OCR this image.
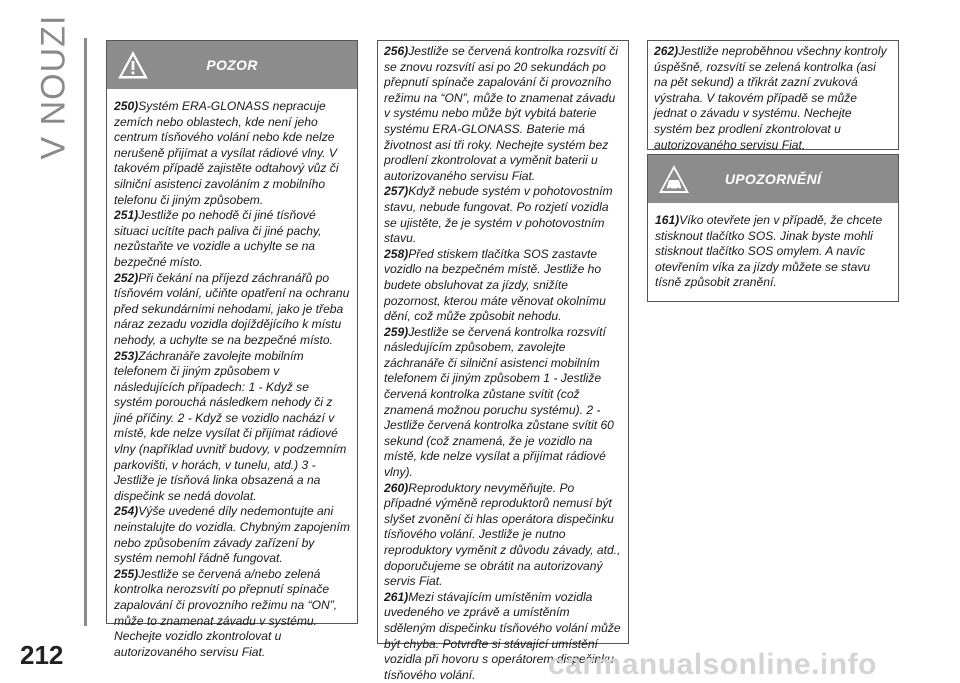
V NOUZI	POZOR

250)Systém ERA-GLONASS nepracuje zemích nebo oblastech, kde není jeho centrum tísňového volání nebo kde nelze nerušeně přijímat a vysílat rádiové vlny. V takovém případě zajistěte odtahový vůz či silniční asistenci zavoláním z mobilního telefonu či jiným způsobem.

251)Jestliže po nehodě či jiné tísňové situaci ucítíte pach paliva či jiné pachy, nezůstaňte ve vozidle a uchylte se na bezpečné místo.

252)Při čekání na příjezd záchranářů po tísňovém volání, učiňte opatření na ochranu před sekundárními nehodami, jako je třeba náraz zezadu vozidla dojíždějícího k místu nehody, a uchylte se na bezpečné místo.

253)Záchranáře zavolejte mobilním telefonem či jiným způsobem v následujících případech: 1 - Když se systém porouchá následkem nehody či z jiné příčiny. 2 - Když se vozidlo nachází v místě, kde nelze vysílat či přijímat rádiové vlny (například uvnitř budovy, v podzemním parkovišti, v horách, v tunelu, atd.) 3 - Jestliže je tísňová linka obsazená a na dispečink se nedá dovolat.

254)Výše uvedené díly nedemontujte ani neinstalujte do vozidla. Chybným zapojením nebo způsobením závady zařízení by systém nemohl řádně fungovat.

255)Jestliže se červená a/nebo zelená kontrolka nerozsvítí po přepnutí spínače zapalování či provozního režimu na “ON”, může to znamenat závadu v systému. Nechejte vozidlo zkontrolovat u autorizovaného servisu Fiat.

256)Jestliže se červená kontrolka rozsvítí či se znovu rozsvítí asi po 20 sekundách po přepnutí spínače zapalování či provozního režimu na “ON”, může to znamenat závadu v systému nebo může být vybitá baterie systému ERA-GLONASS. Baterie má životnost asi tři roky. Nechejte systém bez prodlení zkontrolovat a vyměnit baterii u autorizovaného servisu Fiat.

257)Když nebude systém v pohotovostním stavu, nebude fungovat. Po rozjetí vozidla se ujistěte, že je systém v pohotovostním stavu.

258)Před stiskem tlačítka SOS zastavte vozidlo na bezpečném místě. Jestliže ho budete obsluhovat za jízdy, snižíte pozornost, kterou máte věnovat okolnímu dění, což může způsobit nehodu.

259)Jestliže se červená kontrolka rozsvítí následujícím způsobem, zavolejte záchranáře či silniční asistenci mobilním telefonem či jiným způsobem 1 - Jestliže červená kontrolka zůstane svítit (což znamená možnou poruchu systému). 2 - Jestliže červená kontrolka zůstane svítit 60 sekund (což znamená, že je vozidlo na místě, kde nelze vysílat a přijímat rádiové vlny).

260)Reproduktory nevyměňujte. Po případné výměně reproduktorů nemusí být slyšet zvonění či hlas operátora dispečinku tísňového volání. Jestliže je nutno reproduktory vyměnit z důvodu závady, atd., doporučujeme se obrátit na autorizovaný servis Fiat.

261)Mezi stávajícím umístěním vozidla uvedeného ve zprávě a umístěním sděleným dispečinku tísňového volání může být chyba. Potvrďte si stávající umístění vozidla při hovoru s operátorem dispečinku tísňového volání.

262)Jestliže neproběhnou všechny kontroly úspěšně, rozsvítí se zelená kontrolka (asi na pět sekund) a třikrát zazní zvuková výstraha. V takovém případě se může jednat o závadu v systému. Nechejte systém bez prodlení zkontrolovat u autorizovaného servisu Fiat.

UPOZORNĚNÍ

161)Víko otevřete jen v případě, že chcete stisknout tlačítko SOS. Jinak byste mohli stisknout tlačítko SOS omylem. A navíc otevřením víka za jízdy můžete se stavu tísně způsobit zranění.

212	carmanualsonline.info
